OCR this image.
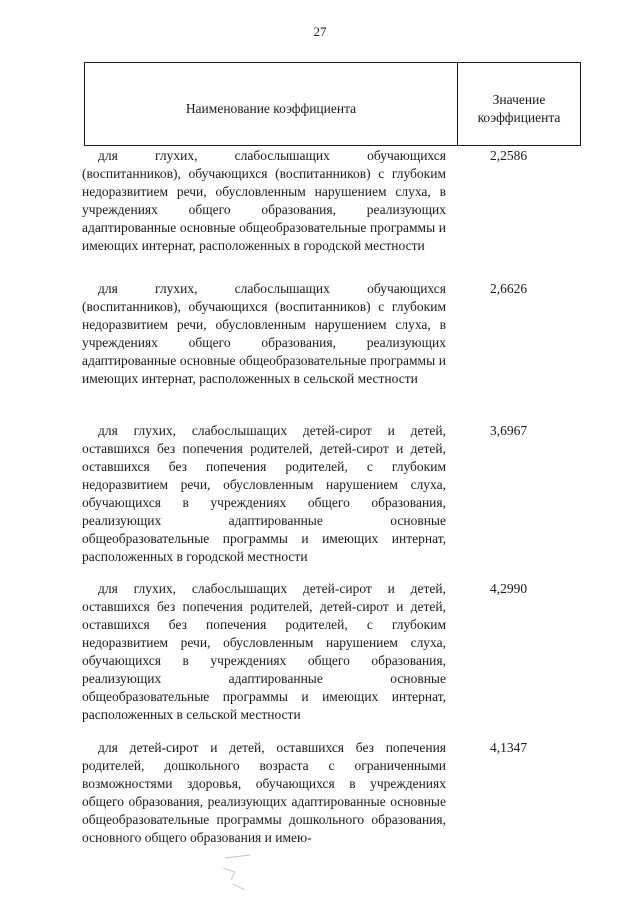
27
Наименование коэффициента
Значение
коэффициента
для глухих, слабослышащих обучающихся (воспитанников), обучающихся (воспитанников) с глубоким недоразвитием речи, обусловленным нарушением слуха, в учреждениях общего образования, реализующих адаптированные основные общеобразовательные программы и имеющих интернат, расположенных в городской местности
2,2586
для глухих, слабослышащих обучающихся (воспитанников), обучающихся (воспитанников) с глубоким недоразвитием речи, обусловленным нарушением слуха, в учреждениях общего образования, реализующих адаптированные основные общеобразовательные программы и имеющих интернат, расположенных в сельской местности
2,6626
для глухих, слабослышащих детей-сирот и детей, оставшихся без попечения родителей, детей-сирот и детей, оставшихся без попечения родителей, с глубоким недоразвитием речи, обусловленным нарушением слуха, обучающихся в учреждениях общего образования, реализующих адаптированные основные общеобразовательные программы и имеющих интернат, расположенных в городской местности
3,6967
для глухих, слабослышащих детей-сирот и детей, оставшихся без попечения родителей, детей-сирот и детей, оставшихся без попечения родителей, с глубоким недоразвитием речи, обусловленным нарушением слуха, обучающихся в учреждениях общего образования, реализующих адаптированные основные общеобразовательные программы и имеющих интернат, расположенных в сельской местности
4,2990
для детей-сирот и детей, оставшихся без попечения родителей, дошкольного возраста с ограниченными возможностями здоровья, обучающихся в учреждениях общего образования, реализующих адаптированные основные общеобразовательные программы дошкольного образования, основного общего образования и имею-
4,1347
